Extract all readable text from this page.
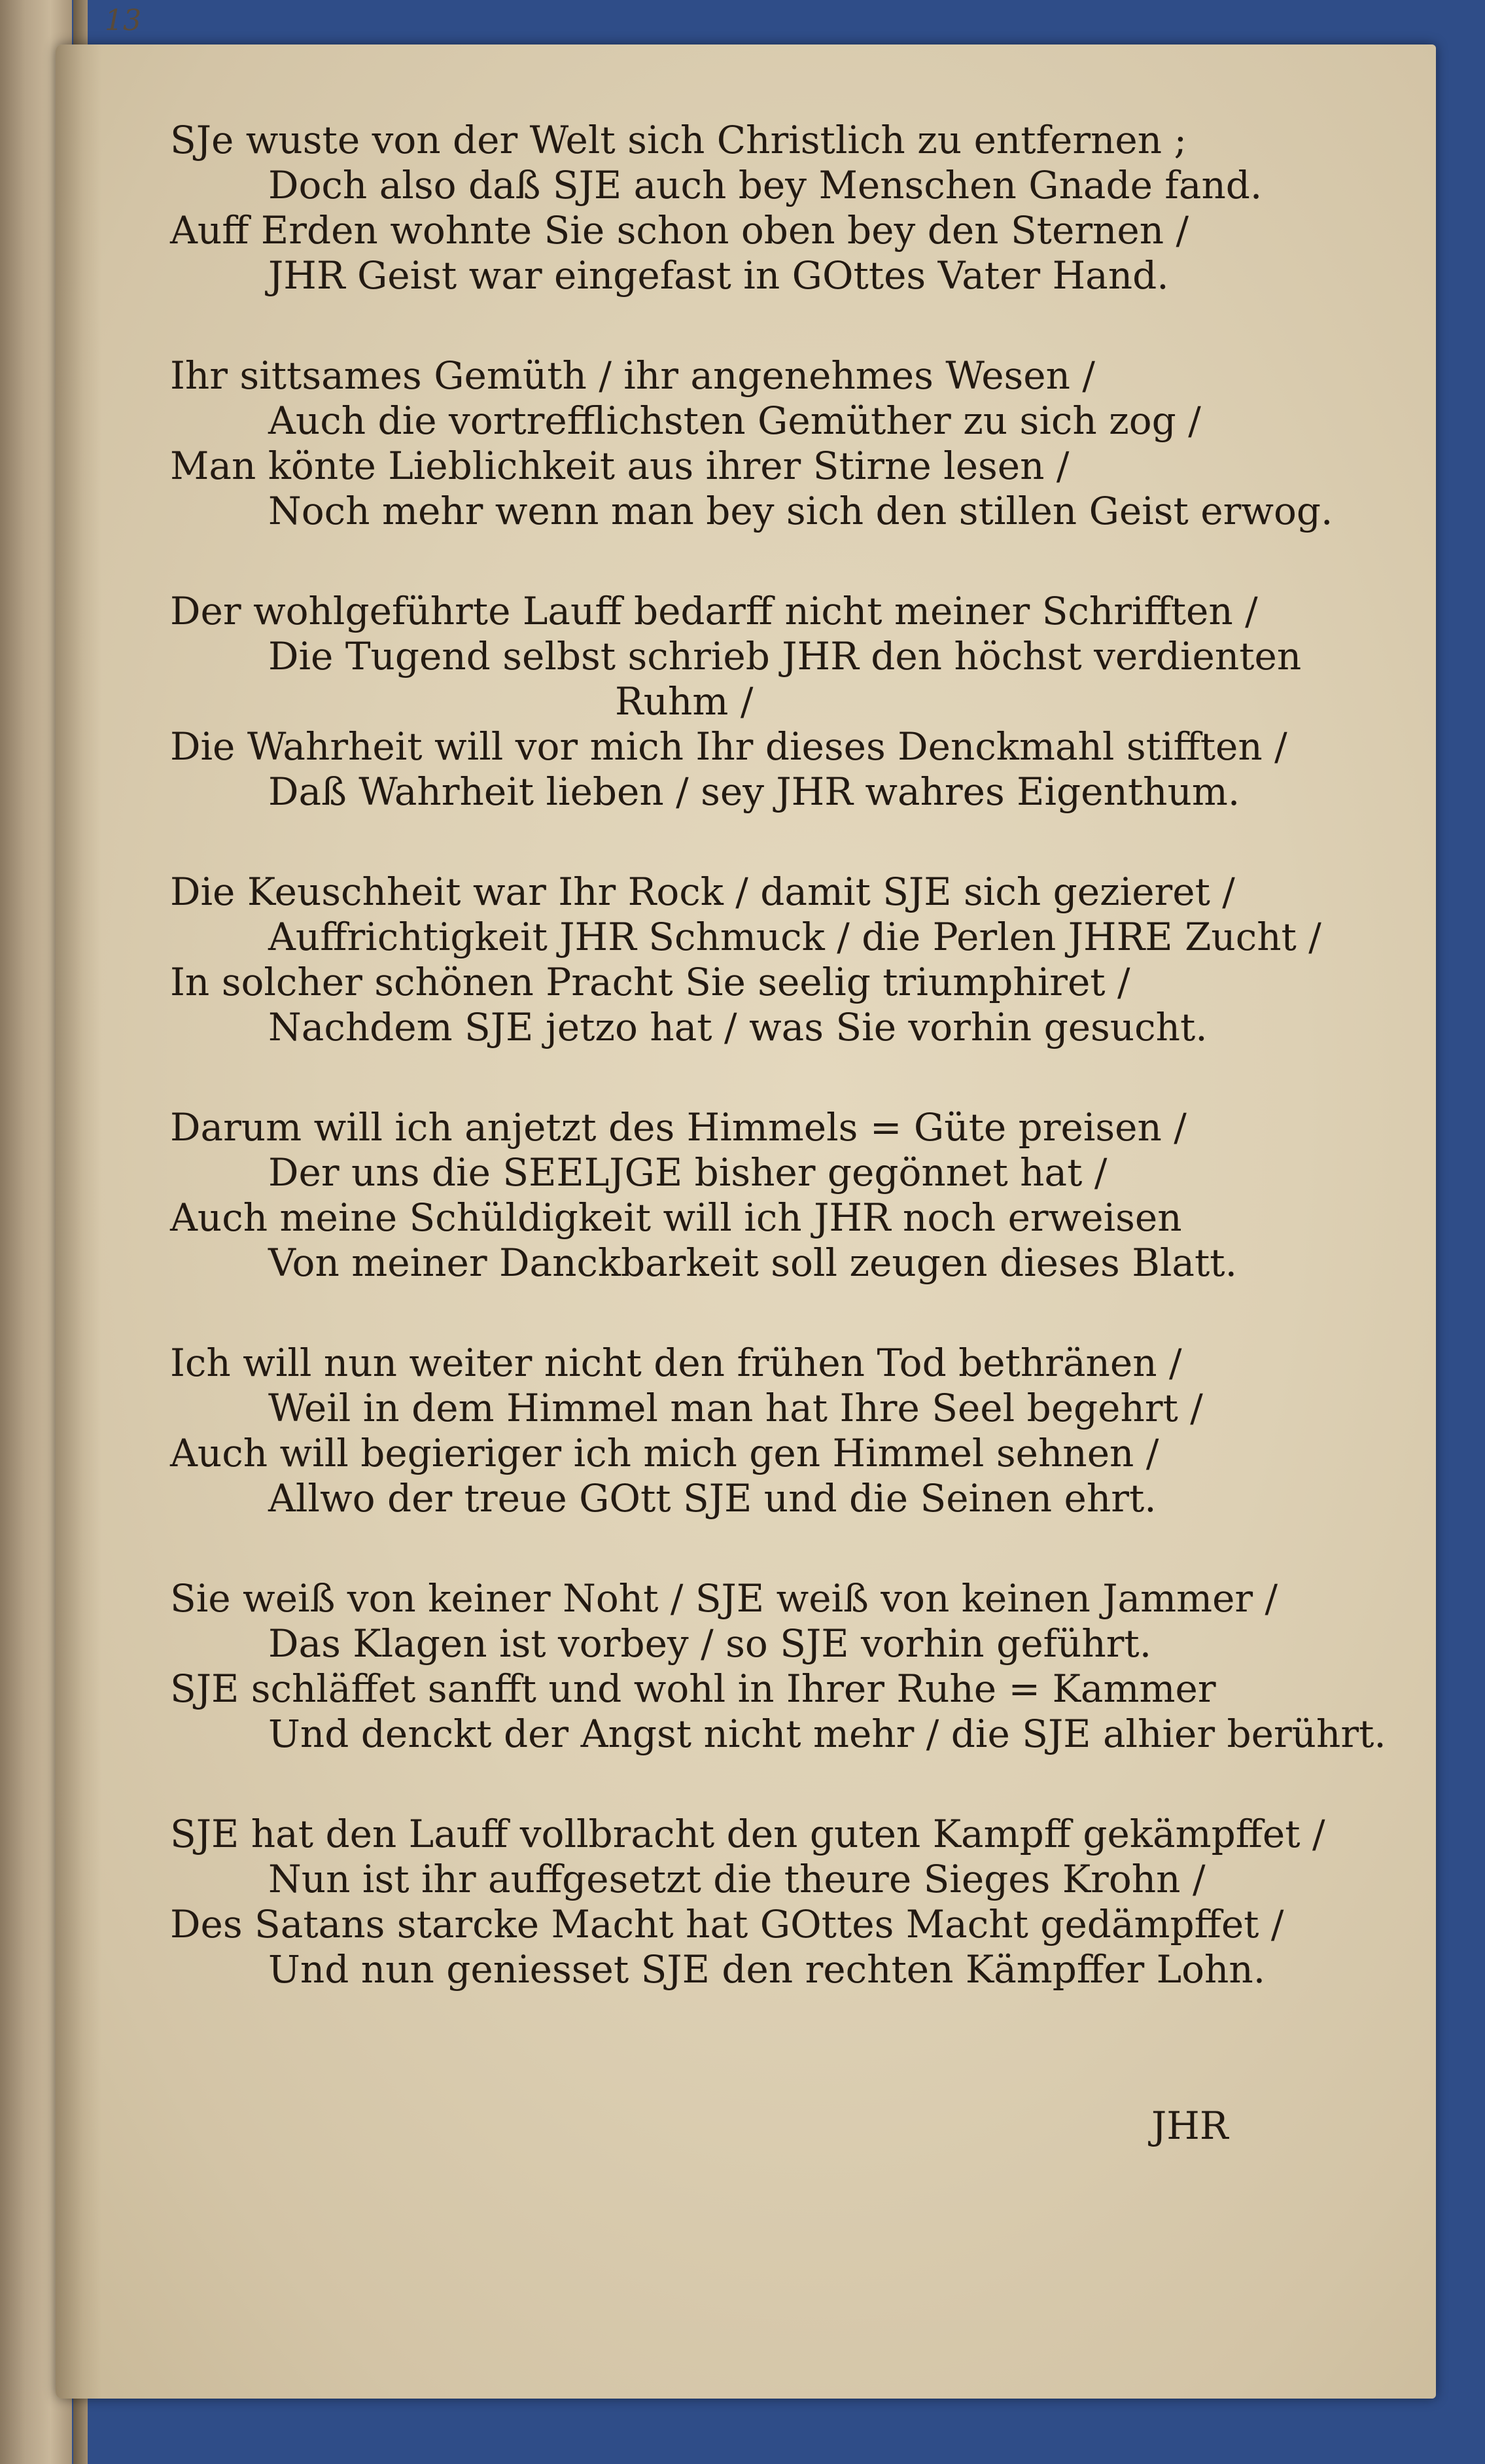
13

SJe wuste von der Welt sich Christlich zu entfernen ;

Doch also daß SJE auch bey Menschen Gnade fand.

Auff Erden wohnte Sie schon oben bey den Sternen /

JHR Geist war eingefast in GOttes Vater Hand.

Ihr sittsames Gemüth / ihr angenehmes Wesen /

Auch die vortrefflichsten Gemüther zu sich zog /

Man könte Lieblichkeit aus ihrer Stirne lesen /

Noch mehr wenn man bey sich den stillen Geist erwog.

Der wohlgeführte Lauff bedarff nicht meiner Schrifften /

Die Tugend selbst schrieb JHR den höchst verdienten

Ruhm /

Die Wahrheit will vor mich Ihr dieses Denckmahl stifften /

Daß Wahrheit lieben / sey JHR wahres Eigenthum.

Die Keuschheit war Ihr Rock / damit SJE sich gezieret /

Auffrichtigkeit JHR Schmuck / die Perlen JHRE Zucht /

In solcher schönen Pracht Sie seelig triumphiret /

Nachdem SJE jetzo hat / was Sie vorhin gesucht.

Darum will ich anjetzt des Himmels = Güte preisen /

Der uns die SEELJGE bisher gegönnet hat /

Auch meine Schüldigkeit will ich JHR noch erweisen

Von meiner Danckbarkeit soll zeugen dieses Blatt.

Ich will nun weiter nicht den frühen Tod bethränen /

Weil in dem Himmel man hat Ihre Seel begehrt /

Auch will begieriger ich mich gen Himmel sehnen /

Allwo der treue GOtt SJE und die Seinen ehrt.

Sie weiß von keiner Noht / SJE weiß von keinen Jammer /

Das Klagen ist vorbey / so SJE vorhin geführt.

SJE schläffet sanfft und wohl in Ihrer Ruhe = Kammer

Und denckt der Angst nicht mehr / die SJE alhier berührt.

SJE hat den Lauff vollbracht den guten Kampff gekämpffet /

Nun ist ihr auffgesetzt die theure Sieges Krohn /

Des Satans starcke Macht hat GOttes Macht gedämpffet /

Und nun geniesset SJE den rechten Kämpffer Lohn.

JHR
